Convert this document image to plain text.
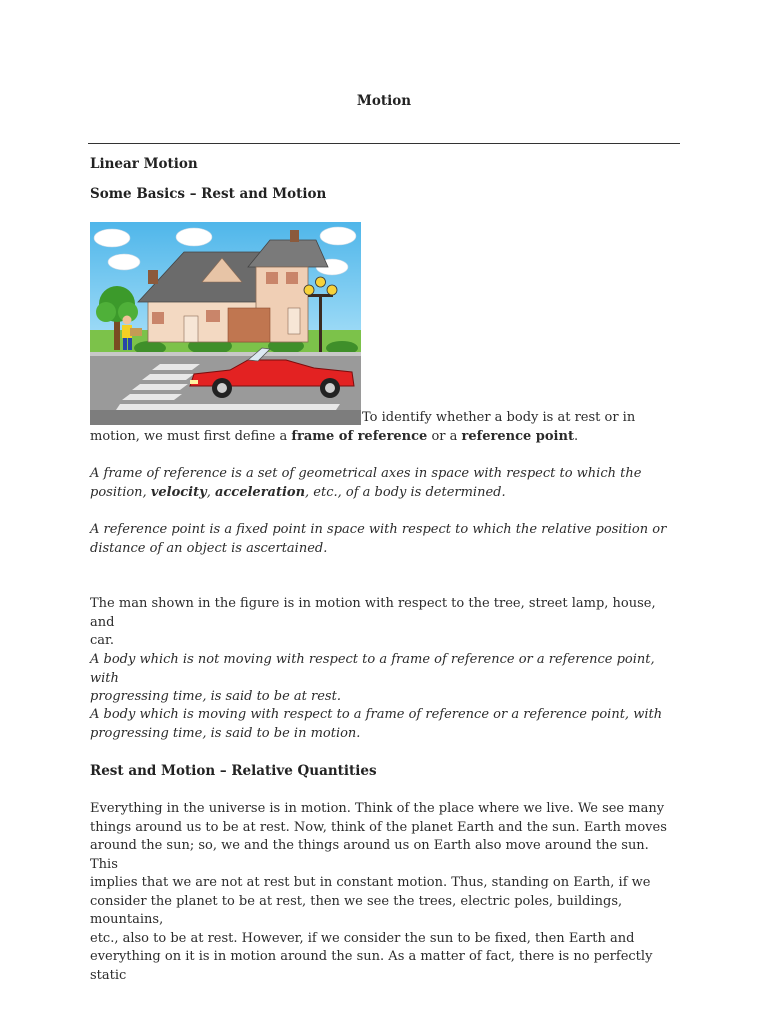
Motion
Linear Motion
Some Basics – Rest and Motion
To identify whether a body is at rest or in
motion, we must first define a frame of reference or a reference point.
A frame of reference is a set of geometrical axes in space with respect to which the
position, velocity, acceleration, etc., of a body is determined.
A reference point is a fixed point in space with respect to which the relative position or
distance of an object is ascertained.
The man shown in the figure is in motion with respect to the tree, street lamp, house, and
car.
A body which is not moving with respect to a frame of reference or a reference point, with
progressing time, is said to be at rest.
A body which is moving with respect to a frame of reference or a reference point, with
progressing time, is said to be in motion.
Rest and Motion – Relative Quantities
Everything in the universe is in motion. Think of the place where we live. We see many
things around us to be at rest. Now, think of the planet Earth and the sun. Earth moves
around the sun; so, we and the things around us on Earth also move around the sun. This
implies that we are not at rest but in constant motion. Thus, standing on Earth, if we
consider the planet to be at rest, then we see the trees, electric poles, buildings, mountains,
etc., also to be at rest. However, if we consider the sun to be fixed, then Earth and
everything on it is in motion around the sun. As a matter of fact, there is no perfectly static
